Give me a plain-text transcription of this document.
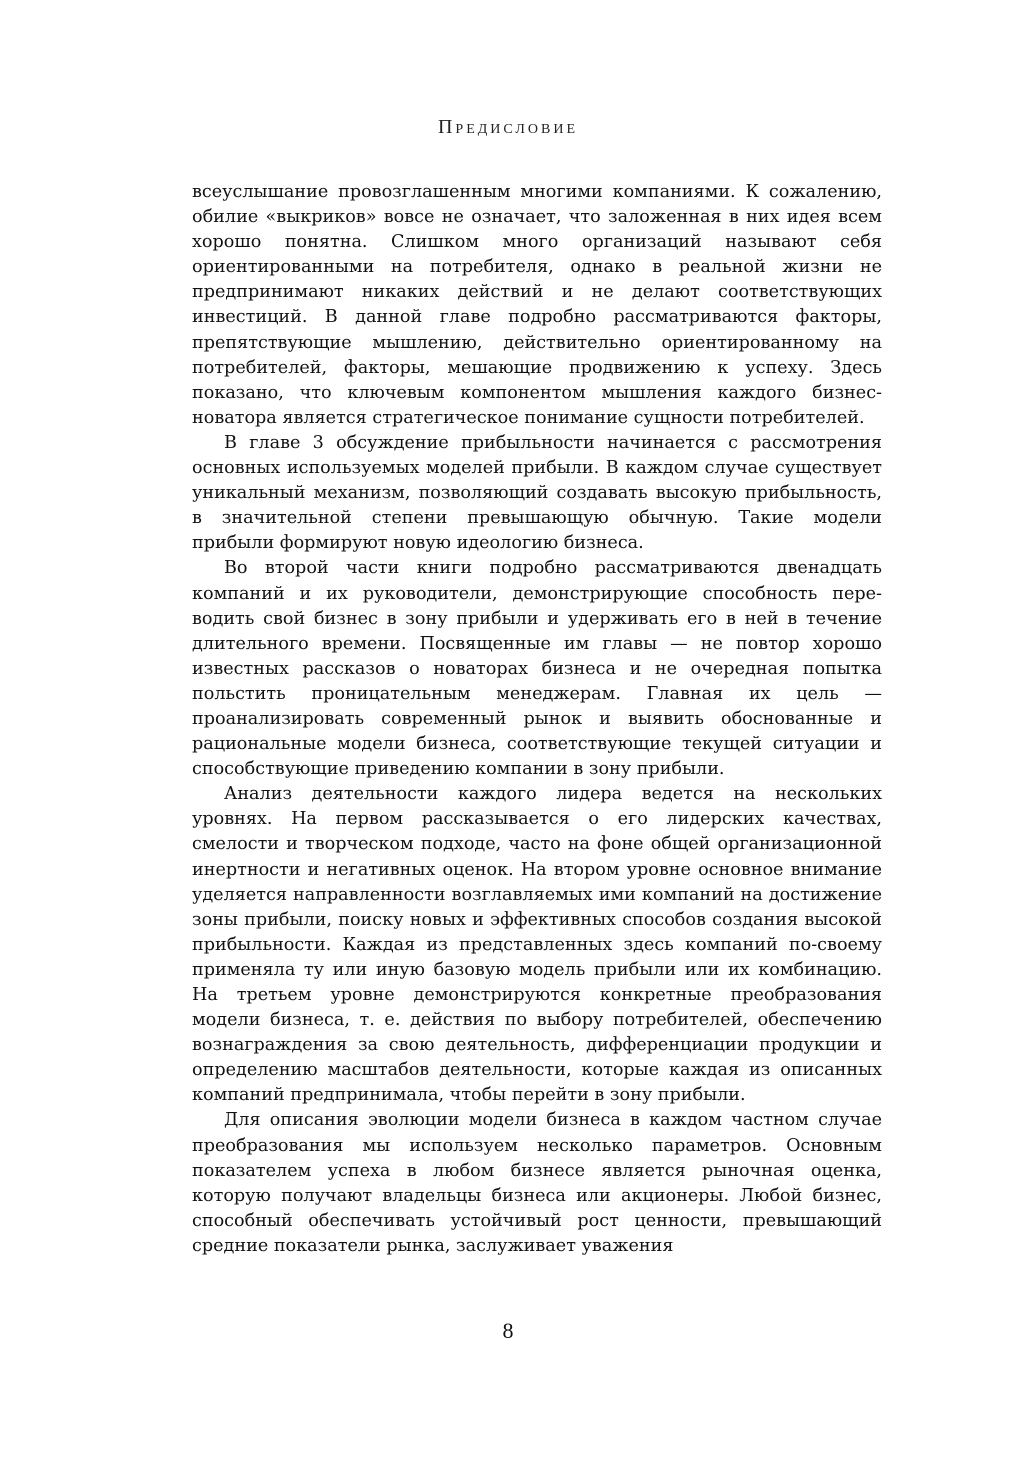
Предисловие

всеуслышание провозглашенным многими компаниями. К сожалению, обилие «выкриков» вовсе не означает, что заложенная в них идея всем хорошо понятна. Слишком много организаций называют себя ориентированными на потребителя, однако в реальной жизни не предпринимают никаких действий и не делают соответствующих инвестиций. В данной главе подробно рассматриваются факторы, препятствующие мышлению, действительно ориентированному на потребителей, факторы, мешающие продвижению к успеху. Здесь показано, что ключевым компонентом мышления каждого бизнес-новатора является стратегическое понимание сущности потребителей.

В главе 3 обсуждение прибыльности начинается с рассмотрения основных используемых моделей прибыли. В каждом случае существует уникальный механизм, позволяющий создавать высокую прибыльность, в значительной степени превышающую обычную. Такие модели прибыли формируют новую идеологию бизнеса.

Во второй части книги подробно рассматриваются двенадцать компаний и их руководители, демонстрирующие способность переводить свой бизнес в зону прибыли и удерживать его в ней в течение длительного времени. Посвященные им главы — не повтор хорошо известных рассказов о новаторах бизнеса и не очередная попытка польстить проницательным менеджерам. Главная их цель — проанализировать современный рынок и выявить обоснованные и рациональные модели бизнеса, соответствующие текущей ситуации и способствующие приведению компании в зону прибыли.

Анализ деятельности каждого лидера ведется на нескольких уровнях. На первом рассказывается о его лидерских качествах, смелости и творческом подходе, часто на фоне общей организационной инертности и негативных оценок. На втором уровне основное внимание уделяется направленности возглавляемых ими компаний на достижение зоны прибыли, поиску новых и эффективных способов создания высокой прибыльности. Каждая из представленных здесь компаний по-своему применяла ту или иную базовую модель прибыли или их комбинацию. На третьем уровне демонстрируются конкретные преобразования модели бизнеса, т. е. действия по выбору потребителей, обеспечению вознаграждения за свою деятельность, дифференциации продукции и определению масштабов деятельности, которые каждая из описанных компаний предпринимала, чтобы перейти в зону прибыли.

Для описания эволюции модели бизнеса в каждом частном случае преобразования мы используем несколько параметров. Основным показателем успеха в любом бизнесе является рыночная оценка, которую получают владельцы бизнеса или акционеры. Любой бизнес, способный обеспечивать устойчивый рост ценности, превышающий средние показатели рынка, заслуживает уважения

8
